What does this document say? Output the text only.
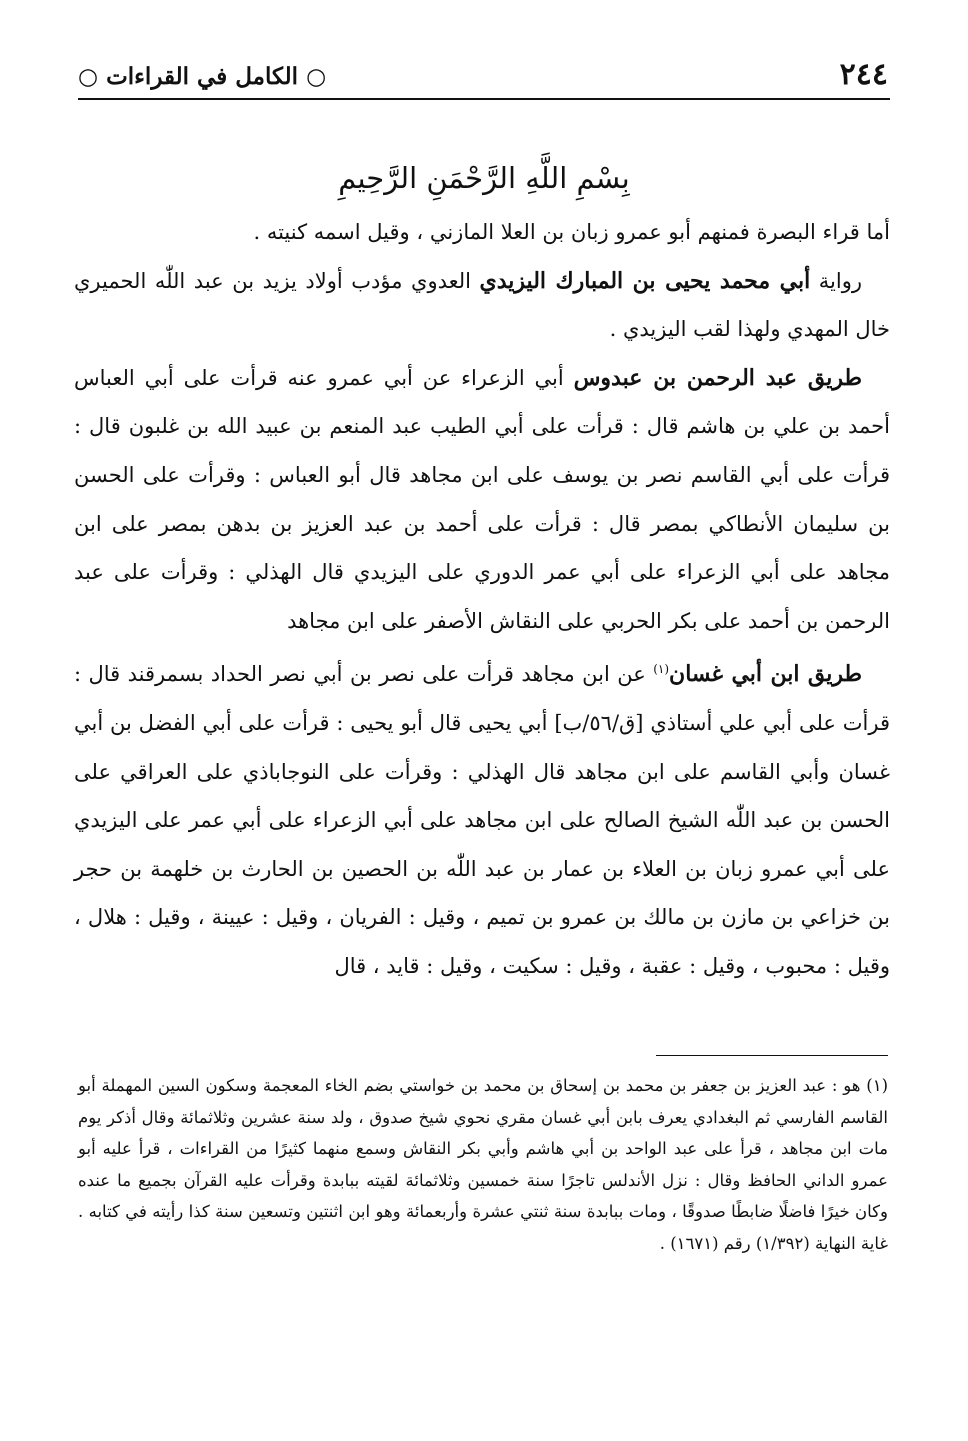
٢٤٤
○ الكامل في القراءات ○
بِسْمِ اللَّهِ الرَّحْمَنِ الرَّحِيمِ

أما قراء البصرة فمنهم أبو عمرو زبان بن العلا المازني ، وقيل اسمه كنيته .

رواية أبي محمد يحيى بن المبارك اليزيدي العدوي مؤدب أولاد يزيد بن عبد اللّٰه الحميري خال المهدي ولهذا لقب اليزيدي .

طريق عبد الرحمن بن عبدوس أبي الزعراء عن أبي عمرو عنه قرأت على أبي العباس أحمد بن علي بن هاشم قال : قرأت على أبي الطيب عبد المنعم بن عبيد الله بن غلبون قال : قرأت على أبي القاسم نصر بن يوسف على ابن مجاهد قال أبو العباس : وقرأت على الحسن بن سليمان الأنطاكي بمصر قال : قرأت على أحمد بن عبد العزيز بن بدهن بمصر على ابن مجاهد على أبي الزعراء على أبي عمر الدوري على اليزيدي قال الهذلي : وقرأت على عبد الرحمن بن أحمد على بكر الحربي على النقاش الأصفر على ابن مجاهد

طريق ابن أبي غسان$^{(١)}$ عن ابن مجاهد قرأت على نصر بن أبي نصر الحداد بسمرقند قال : قرأت على أبي علي أستاذي [ق/٥٦/ب] أبي يحيى قال أبو يحيى : قرأت على أبي الفضل بن أبي غسان وأبي القاسم على ابن مجاهد قال الهذلي : وقرأت على النوجاباذي على العراقي على الحسن بن عبد اللّٰه الشيخ الصالح على ابن مجاهد على أبي الزعراء على أبي عمر على اليزيدي على أبي عمرو زبان بن العلاء بن عمار بن عبد اللّٰه بن الحصين بن الحارث بن خلهمة بن حجر بن خزاعي بن مازن بن مالك بن عمرو بن تميم ، وقيل : الفريان ، وقيل : عيينة ، وقيل : هلال ، وقيل : محبوب ، وقيل : عقبة ، وقيل : سكيت ، وقيل : قايد ، قال

(١) هو : عبد العزيز بن جعفر بن محمد بن إسحاق بن محمد بن خواستي بضم الخاء المعجمة وسكون السين المهملة أبو القاسم الفارسي ثم البغدادي يعرف بابن أبي غسان مقري نحوي شيخ صدوق ، ولد سنة عشرين وثلاثمائة وقال أذكر يوم مات ابن مجاهد ، قرأ على عبد الواحد بن أبي هاشم وأبي بكر النقاش وسمع منهما كثيرًا من القراءات ، قرأ عليه أبو عمرو الداني الحافظ وقال : نزل الأندلس تاجرًا سنة خمسين وثلاثمائة لقيته ببابدة وقرأت عليه القرآن بجميع ما عنده وكان خيرًا فاضلًا ضابطًا صدوقًا ، ومات ببابدة سنة ثنتي عشرة وأربعمائة وهو ابن اثنتين وتسعين سنة كذا رأيته في كتابه . غاية النهاية (١/٣٩٢) رقم (١٦٧١) .
